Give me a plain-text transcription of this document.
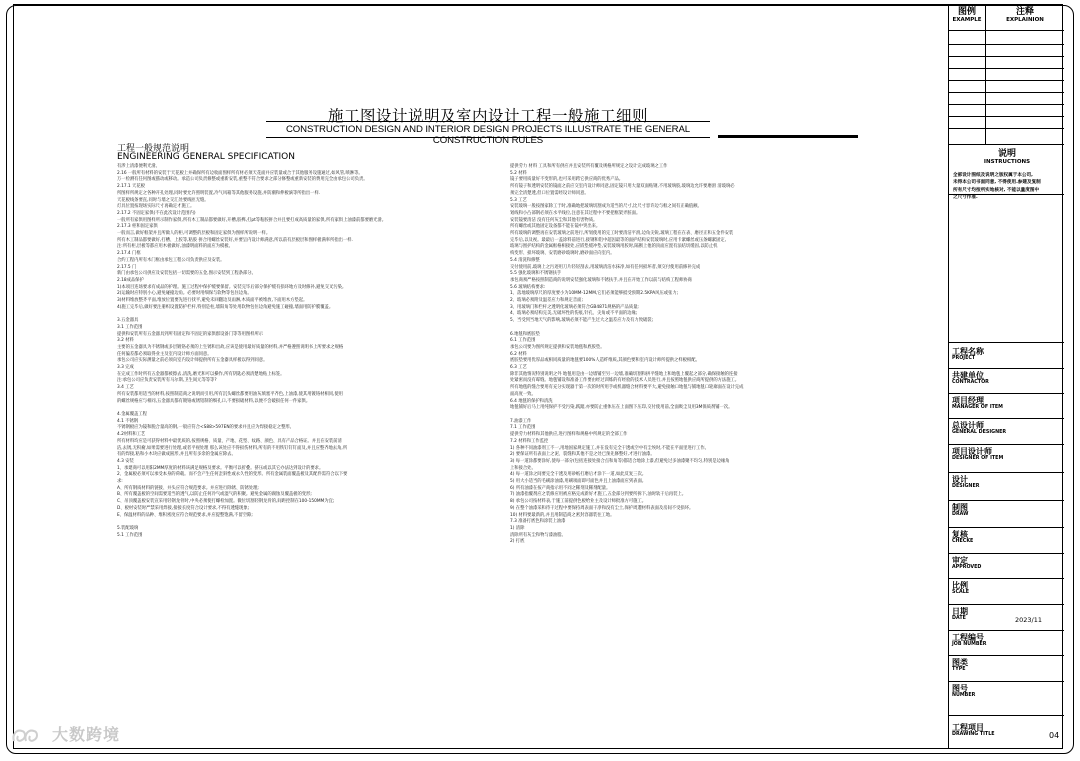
施工图设计说明及室内设计工程一般施工细则
CONSTRUCTION DESIGN AND INTERIOR DESIGN PROJECTS ILLUSTRATE THE GENERAL CONSTRUCTION RULES
工程一般规范说明
ENGINEERING GENERAL SPECIFICATION

有涉上清漆便利光滑。

2.16 一般所有材料的安装于天花板上并确保所有边收面图样所有材必须天花面并应装量或合于其他服务设施通过,如风管,喷淋等。

万一检测有任何图或描动或移动。承造公司负责修整或重新安装,重整不符合要求之部分修整或重新安装的费用完全由承包公司负责。

2.17.1 天花板

所图样所规定之各种开孔处理,同时要允许照明装置,冷气风箱等其他服务设施,并防潮和伸板滴等所指出一样.

天花板线条要直,同时与墙之交汇处要线匝无缝。

灯具位置按现场实际尺寸再确定才施工。

2.17.2 不固定家俱(不在此次设计范围内)

一般所有家俱用图样所示制作家俱,所有木工制品都要做好,开槽,胶榫,打pt等粘胶拼合并且要打成高质量的家俱,所有家俱上油漆前都要磨光滑。

2.17.3 柜和固定家俱

一般而言,做好框架并且所做人的柜,可调整的层板和固定家俱为图样所说明一样。

所有木工制品都要做好,打槽、上胶等,粘胶 拼合用螺丝安装好,并要呈内设计师满意,所以前有层板层和图样板满率所指出一样.

注:所有柜,层板等都应用木板做好,油漆明面料的面应为模板。

2.17.4 门框

合约工程内所有木门框由承包工程公司负责供应及安装。

2.17.5 门

新门由承包公司供应及安装包括一切需要的五金,图示安装到工程条部分。

2.18成品保护

1)本项目连场要求有成品的护理。施工过程中保护缓要保留。安装完毕后部分保护缓有损环地方及时修补,避免交叉污染。

2)运输时应特别小心,避免碰撞边角。必要时用细保与软物等包住边角。

3)材料堆放整齐平面,堆放位置要先进行找平,避免未回翻边及雨淋,木质面平被堆放,下面用木方垫起。

4)施工完毕后,做好要注册织设置防护栏杆,特别是柱,墙阳角等处用软物包住边角避免施工碰撞,墙面用防护膜覆盖。

3.五金器具

3.1 工作范围

提供和安装所有五金器具到所有固定和不固定的家俱群设备门等等用图样所示

3.2 材料

主要的五金器具为不锈钢或多层镀铬必须的上生锈和出故,应该是使用最好质量的材料,并严格遵照说明书上所要求之规格

任何偏差都必须取得业主及室内设计师方面同意。

承包公司应实际测量之前必须向室内设计师提供所有五金器具样板以得到同意。

3.3 完成

在完成工作时所有五金器都被擦去,清洗,磨光和可以操作,所有钥匙必须清楚地贴上标签。

注:承包公司应负责安装所有马尔斯,卫生间元等等等?

3.4 工艺

所有安装都用适当的材料,按照制造商之说明而引用,所有沉头螺丝都要用油灰填塞平齐色,上油漆,使其用镀铬材相同,使用

的螺丝规格应与相同,五金器具都有镀铬或锈铝制的细孔口,不要损破材料,以便不会破损任何一件家俱。

4.金属覆盖工程

4.1 不锈钢

不锈钢板应为镜和脱合量高的钢,一般应符合<S88>597EN的要求并且应为焊接稳定之整形。

4.2材料和工艺

所有材料均应是可获得材料中最优质的,按照规格、质量、产地、花型、纹路、颜色、具有产品合格证。并且在安装前清

洁,去锈,无积瘤,如果需要进行处理,或者平视处理 那么该处应不得损伤材料,所有的不用铁钉钉钉面及,并且应整齐地去角,所

有的焊接,粘和小木块应做成圆形,并且所有多余的金属应除去。

4.3 安装

1、承建商可以用阳2MM厚度的材料该满足规格及要求。平衡可以折叠。挤压或以其它办法达到设计的要求。

2、金属板必须可以承受本身的荷载。而不会产生任何歪斜性或永久性的变形。所有金属装面覆盖板及其配件需符合以下要

求:

A、所有钢质材料的链接、并头应符合规范要求。并应进行除锈、防锈处理;

B、所有覆盖板的空间需要适当的透气,以防止任何冷气或湿气的积聚。避免金属的腐蚀及覆盖板的变形;

C、吊顶覆盖板安装宣采用轻钢龙骨时,中央必须使打螺栓加置。微位切割轻钢龙骨的,间距控制在100-150MM为宜;

D、板材安装时严禁采用焊接,接接长度符合设计要求,不得有透缝现象;

E、保温材料的品种、堆积密度应符合规范要求,并应提整饱满,不留空隙;

5.装配玻璃

5.1 工作范围

提供劳力 材料 工具和所有供应并且安装所有覆及规格所规定之设计完成玻璃之工作

5.2 材料

镜子要用质量好不变形的,也可采用跨它供应商的优秀产品。

所有镜子和透明安装的镜面之前应交室内设计师同意,固定镜只用大量双面贴钢,不用玻璃胶,玻璃边允许要磨滑 清玻璃必

须完全清楚透,但口位置需经设计师同意。

5.3 工艺

安装玻璃一般按图家除工于时,准确地把玻璃切割成为适当的尺寸,比尺寸容许边与框之间有正确值额。

划线和小凸部钢必须在水平线位,注意在其过程中不要把框架弄脏面。

安装镜要清洁 没有任何灰尘和其他有害物质。

所有螺丝或其他固定设备都不能在镜中突出来。

所有玻璃的调整再在安装玻璃之前进行,所划使用的完工时要清洁平滑,边角尖锐,玻璃工程在在表、磨径正和五金件安装

完毕后,以及视。最最后一盖涂料前进行,接钢和铝中超因最等的面护结构安装玻璃时,应用卡紧螺丝或压条螺紧固定,

玻璃与围护结构的金属框格相接处,应嵌垫缓冲垫,安装玻璃用胶时,隔断上他的顶面应置有法结切缓固,以防止机

构变形、损坏玻璃、安装磨砂玻璃时,磨砂面应向室内。

5.4 清洗和修整

交付使用前,玻璃上之污迹用刀片轻轻刮去,用玻璃清洁水抹净,如有任何损坏者,须交付使用前修补完成

5.5 强化玻璃和不锈钢扶手

承包商须严格按照制造商的说明安装强化玻璃和不锈扶手,并且在开始工作以前与结构工程师协商

5.6 玻璃结构要求:

1、落地玻璃厚尺的厚度要小为10MM-12MM,它们必须能够抵受预期2.5KPA风压或张力;

2、玻璃必须附及温差应力和规定音面;

3、用玻璃门和栏杆之透明化玻璃必须符合GB4871规格的产品质量;

4、玻璃必须结构完美,无破坏性的伤痕,针孔、尖角或不平面的边缘;

5、当受到当地天气的影响,玻璃必须不能产生过大之温差应力及有力致破裂;

6.地毯和底胶垫

6.1 工作范围

承包公司要为图所规定提供和安装地毯和底胶垫。

6.2 材料

底胶垫要用优厚品或相同质量的地毯要100%人造纤维质,其颜色要和室内设计师所提供之样板相配。

6.3 工艺

除非其他情况特别说明之外 地毯用是由一边墙铺至另一边墙,准确切割和拼平缝地上和地毯上覆起之部分,确保接触的连接

处紧密而没有霉缝。地毯铺设和准备工作要由经过训练的有经验的技术人员进行,并且按照地毯供应商所提供的方法施工。

所有地毯的缝合要用有充分实现器于第一次的时所用手或机器缝合材料要平大,避免接触口地毯与铺地毯口轮廓面在设计完成

面高度一致。

6.4 地毯的保护和清洗

地毯铺好后马上用纯保护不受污染,践踏,亦要防止重体压在上面图下压印,交付使用前,全面吸尘及用3M保质剂铺一次。

7.油漆工作

7.1 工作范围

提供劳力材料和其他供应,进行图样和规格中所规定的全部工作

7.2 材料和工作监控

1) 各种不同油漆剂工不一,用地国家规定施工,并在没有完全干透或空中有尘埃时,不能在平面里进行工作。

2) 要保证所有表面上之泥、裂缝和其他不是之处已预先修整好,才进行油漆。

3) 每一道涂都要涂好,使每一部分(包括连接处接合点和角等)都适合地涂上漆,但避免过多油漆聚不均匀,特别是边缘角

上和接合处。

4) 每一道涂之间要完全干透及用砂纸打磨后才涂下一道,如此反复三次。

5) 用大小适当的毛刷涂油漆,用刷项面即可面色并且上油漆面应到表面。

6) 所有油漆在按产商指示用不同之稀剂及稀剂配量。

7) 油漆指覆剂应之装修应用被应格完成新好才施工,五金部分到要所拆下,油时软干后再装上。

8) 承包公司按材料表,于施工前提供色板给业主及设计师批准方可施工。

9) 在整个油漆采和待干过程中要保持周表面干净和没有尘土,保护周遭材料表面及房间不受损坏。

10) 材料要最新的,并且用制造商之密封容器装往工地。

7.3 准备打底色和涂装上油漆

1) 清除

清除所有灰尘和物与漆油脂。

2) 打底

图例
EXAMPLE
注释
EXPLAINION
说明
INSTRUCTIONS
全部设计图纸及说明之版权属于本公司,
未得本公司书面同意, 不得使用.参建及复制
所有尺寸均按所实地核对, 不能以量度图中
之尺寸作准.
工程名称
PROJECT
共建单位
CONTRACTOR
项目经理
MANAGER OF ITEM
总设计师
GENERAL DESIGNER
项目设计师
DESIGNER OF ITEM
设计
DESIGNER
制图
DRAW
复核
CHECKE
审定
APPROVED
比例
SCALE
日期
DATE	2023/11
工程编号
JOB NUMBER
图类
TYPE
图号
NUMBER
工程项目
DRAWING TITLE	04
大数跨境
